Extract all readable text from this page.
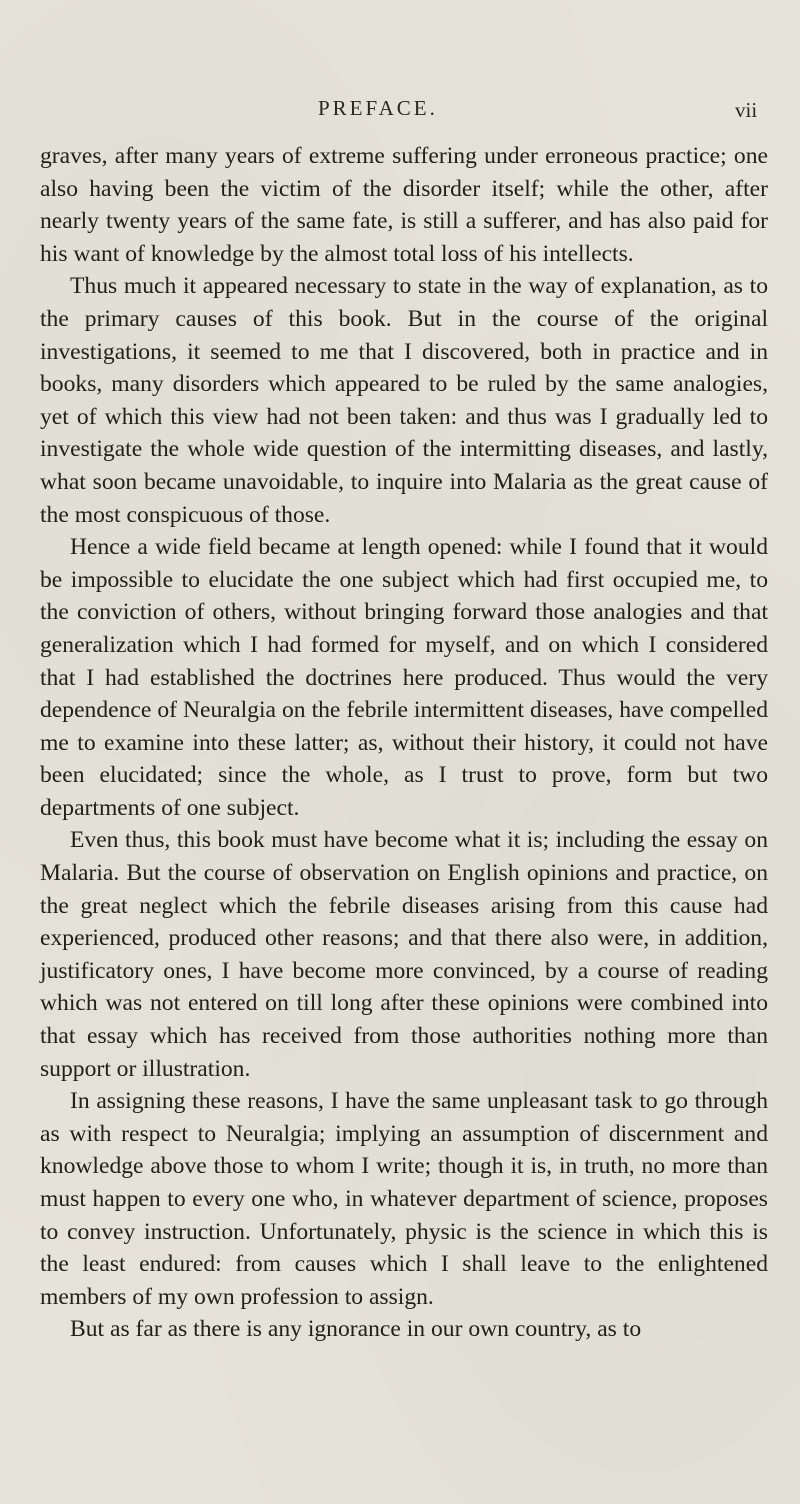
PREFACE.	vii

graves, after many years of extreme suffering under erroneous practice; one also having been the victim of the disorder itself; while the other, after nearly twenty years of the same fate, is still a sufferer, and has also paid for his want of knowledge by the almost total loss of his intellects.

Thus much it appeared necessary to state in the way of explanation, as to the primary causes of this book. But in the course of the original investigations, it seemed to me that I discovered, both in practice and in books, many disorders which appeared to be ruled by the same analogies, yet of which this view had not been taken: and thus was I gradually led to investigate the whole wide question of the intermitting diseases, and lastly, what soon became unavoidable, to inquire into Malaria as the great cause of the most conspicuous of those.

Hence a wide field became at length opened: while I found that it would be impossible to elucidate the one subject which had first occupied me, to the conviction of others, without bringing forward those analogies and that generalization which I had formed for myself, and on which I considered that I had established the doctrines here produced. Thus would the very dependence of Neuralgia on the febrile intermittent diseases, have compelled me to examine into these latter; as, without their history, it could not have been elucidated; since the whole, as I trust to prove, form but two departments of one subject.

Even thus, this book must have become what it is; including the essay on Malaria. But the course of observation on English opinions and practice, on the great neglect which the febrile diseases arising from this cause had experienced, produced other reasons; and that there also were, in addition, justificatory ones, I have become more convinced, by a course of reading which was not entered on till long after these opinions were combined into that essay which has received from those authorities nothing more than support or illustration.

In assigning these reasons, I have the same unpleasant task to go through as with respect to Neuralgia; implying an assumption of discernment and knowledge above those to whom I write; though it is, in truth, no more than must happen to every one who, in whatever department of science, proposes to convey instruction. Unfortunately, physic is the science in which this is the least endured: from causes which I shall leave to the enlightened members of my own profession to assign.

But as far as there is any ignorance in our own country, as to
